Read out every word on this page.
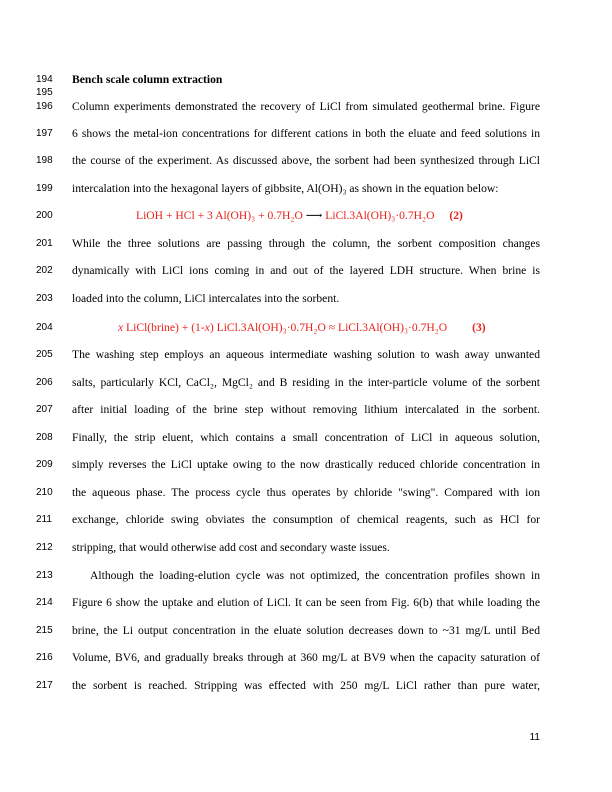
194
195
196
197
198
199
200
201
202
203
204
205
206
207
208
209
210
211
212
213
214
215
216
217
Bench scale column extraction
Column experiments demonstrated the recovery of LiCl from simulated geothermal brine. Figure
6 shows the metal-ion concentrations for different cations in both the eluate and feed solutions in
the course of the experiment. As discussed above, the sorbent had been synthesized through LiCl
intercalation into the hexagonal layers of gibbsite, Al(OH)₃ as shown in the equation below:
LiOH + HCl + 3 Al(OH)₃ + 0.7H₂O ⟶ LiCl.3Al(OH)₃·0.7H₂O (2)
While the three solutions are passing through the column, the sorbent composition changes
dynamically with LiCl ions coming in and out of the layered LDH structure. When brine is
loaded into the column, LiCl intercalates into the sorbent.
x LiCl(brine) + (1-x) LiCl.3Al(OH)₃·0.7H₂O ≈ LiCl.3Al(OH)₃·0.7H₂O (3)
The washing step employs an aqueous intermediate washing solution to wash away unwanted
salts, particularly KCl, CaCl₂, MgCl₂ and B residing in the inter-particle volume of the sorbent
after initial loading of the brine step without removing lithium intercalated in the sorbent.
Finally, the strip eluent, which contains a small concentration of LiCl in aqueous solution,
simply reverses the LiCl uptake owing to the now drastically reduced chloride concentration in
the aqueous phase. The process cycle thus operates by chloride "swing". Compared with ion
exchange, chloride swing obviates the consumption of chemical reagents, such as HCl for
stripping, that would otherwise add cost and secondary waste issues.
Although the loading-elution cycle was not optimized, the concentration profiles shown in
Figure 6 show the uptake and elution of LiCl. It can be seen from Fig. 6(b) that while loading the
brine, the Li output concentration in the eluate solution decreases down to ~31 mg/L until Bed
Volume, BV6, and gradually breaks through at 360 mg/L at BV9 when the capacity saturation of
the sorbent is reached. Stripping was effected with 250 mg/L LiCl rather than pure water,
11
